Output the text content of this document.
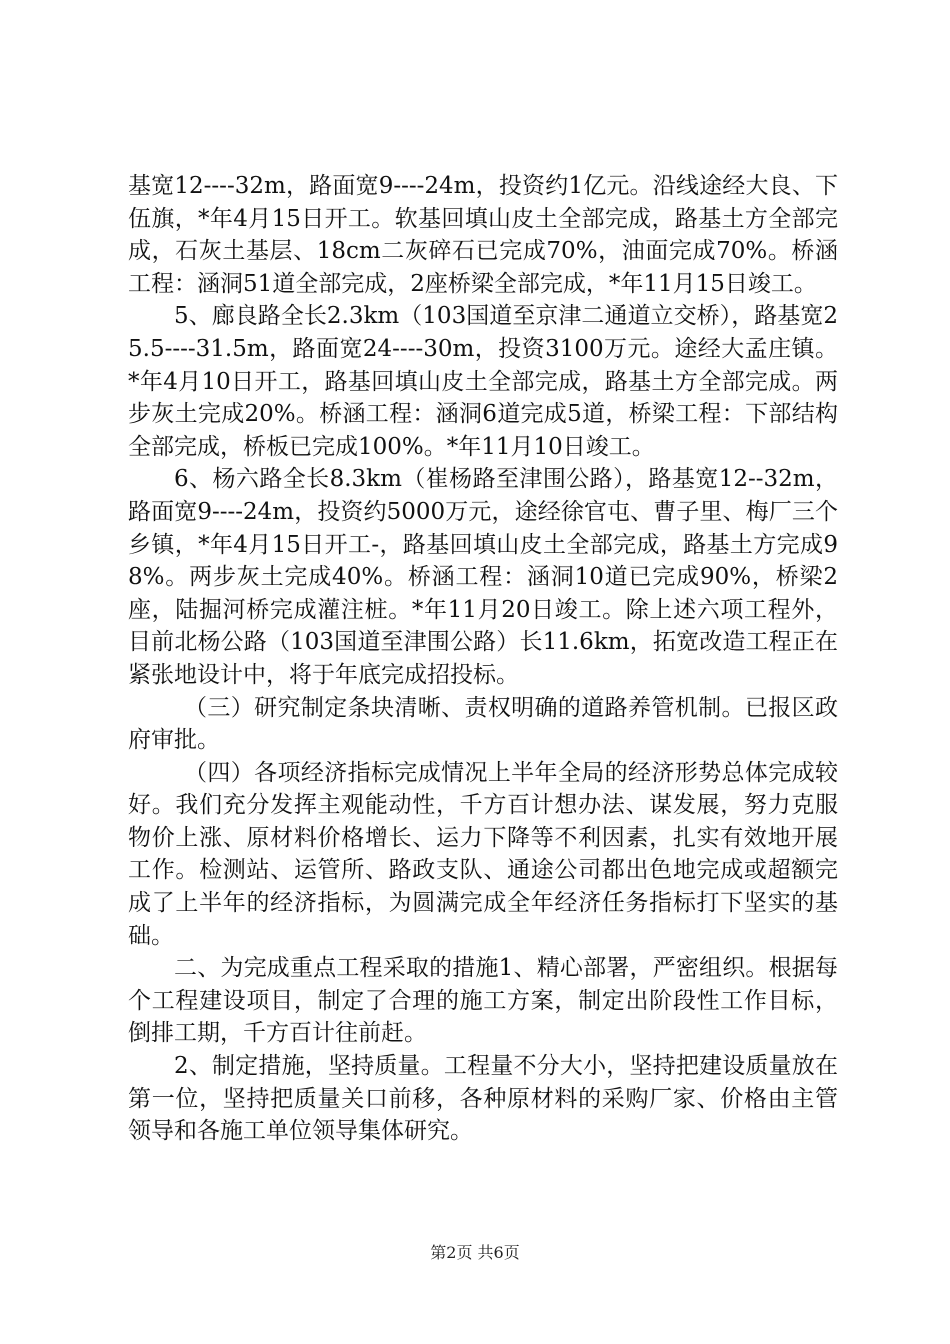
基宽12----32m，路面宽9----24m，投资约1亿元。沿线途经大良、下伍旗，*年4月15日开工。软基回填山皮土全部完成，路基土方全部完成，石灰土基层、18cm二灰碎石已完成70%，油面完成70%。桥涵工程：涵洞51道全部完成，2座桥梁全部完成，*年11月15日竣工。

5、廊良路全长2.3km（103国道至京津二通道立交桥），路基宽25.5----31.5m，路面宽24----30m，投资3100万元。途经大孟庄镇。*年4月10日开工，路基回填山皮土全部完成，路基土方全部完成。两步灰土完成20%。桥涵工程：涵洞6道完成5道，桥梁工程：下部结构全部完成，桥板已完成100%。*年11月10日竣工。

6、杨六路全长8.3km（崔杨路至津围公路），路基宽12--32m，路面宽9----24m，投资约5000万元，途经徐官屯、曹子里、梅厂三个乡镇，*年4月15日开工-，路基回填山皮土全部完成，路基土方完成98%。两步灰土完成40%。桥涵工程：涵洞10道已完成90%，桥梁2座，陆掘河桥完成灌注桩。*年11月20日竣工。除上述六项工程外，目前北杨公路（103国道至津围公路）长11.6km，拓宽改造工程正在紧张地设计中，将于年底完成招投标。

（三）研究制定条块清晰、责权明确的道路养管机制。已报区政府审批。

（四）各项经济指标完成情况上半年全局的经济形势总体完成较好。我们充分发挥主观能动性，千方百计想办法、谋发展，努力克服物价上涨、原材料价格增长、运力下降等不利因素，扎实有效地开展工作。检测站、运管所、路政支队、通途公司都出色地完成或超额完成了上半年的经济指标，为圆满完成全年经济任务指标打下坚实的基础。

二、为完成重点工程采取的措施1、精心部署，严密组织。根据每个工程建设项目，制定了合理的施工方案，制定出阶段性工作目标，倒排工期，千方百计往前赶。

2、制定措施，坚持质量。工程量不分大小，坚持把建设质量放在第一位，坚持把质量关口前移，各种原材料的采购厂家、价格由主管领导和各施工单位领导集体研究。

第2页 共6页
